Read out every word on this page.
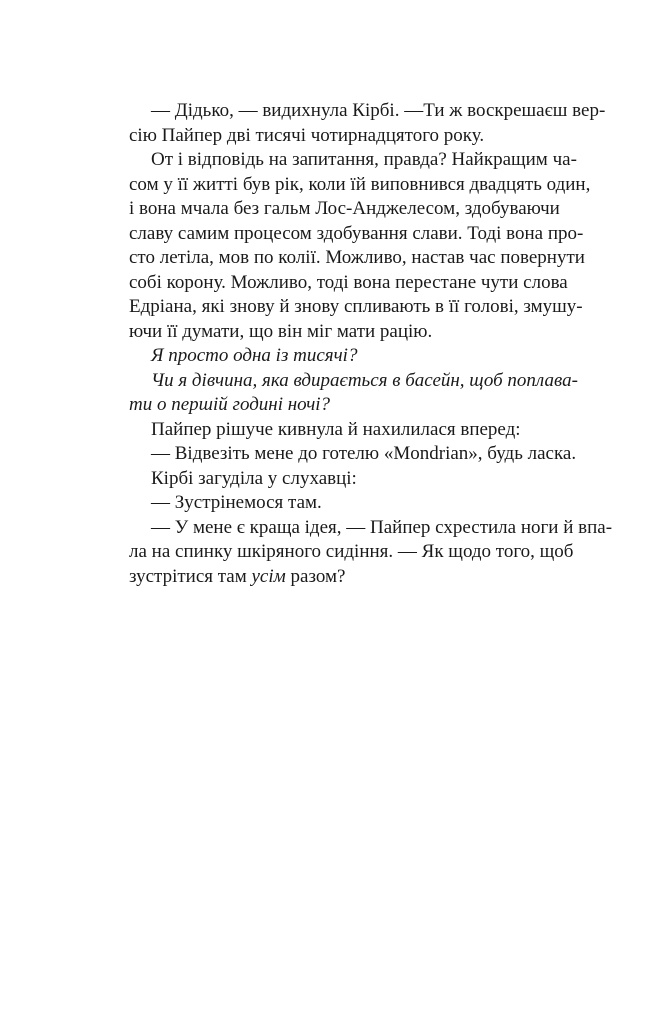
— Дідько, — видихнула Кірбі. —Ти ж воскрешаєш вер-
сію Пайпер дві тисячі чотирнадцятого року.
От і відповідь на запитання, правда? Найкращим ча-
сом у її житті був рік, коли їй виповнився двадцять один,
і вона мчала без гальм Лос-Анджелесом, здобуваючи
славу самим процесом здобування слави. Тоді вона про-
сто летіла, мов по колії. Можливо, настав час повернути
собі корону. Можливо, тоді вона перестане чути слова
Едріана, які знову й знову спливають в її голові, змушу-
ючи її думати, що він міг мати рацію.
Я просто одна із тисячі?
Чи я дівчина, яка вдирається в басейн, щоб поплава-
ти о першій годині ночі?
Пайпер рішуче кивнула й нахилилася вперед:
— Відвезіть мене до готелю «Mondrian», будь ласка.
Кірбі загуділа у слухавці:
— Зустрінемося там.
— У мене є краща ідея, — Пайпер схрестила ноги й впа-
ла на спинку шкіряного сидіння. — Як щодо того, щоб
зустрітися там усім разом?
